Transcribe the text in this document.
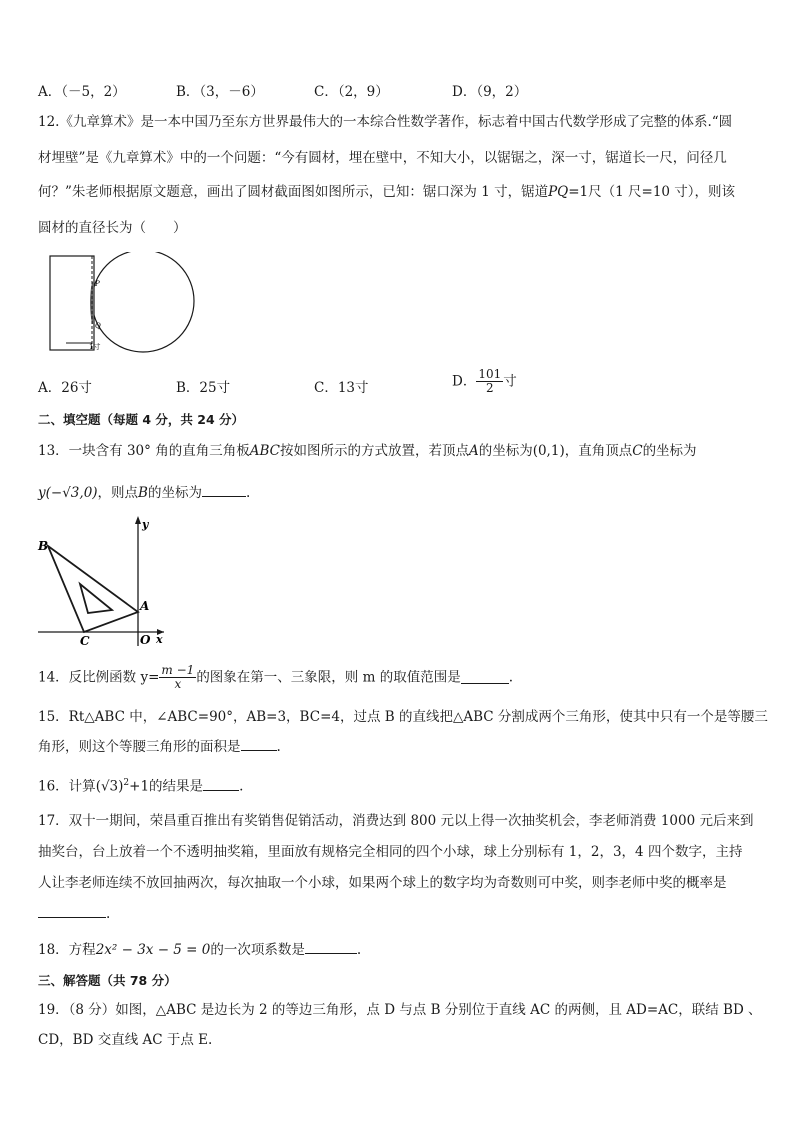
A．（－5，2）	B．（3，－6）	C．（2，9）	D．（9，2）
12.《九章算术》是一本中国乃至东方世界最伟大的一本综合性数学著作，标志着中国古代数学形成了完整的体系.“圆
材埋壁”是《九章算术》中的一个问题：“今有圆材，埋在壁中，不知大小，以锯锯之，深一寸，锯道长一尺，问径几
何？”朱老师根据原文题意，画出了圆材截面图如图所示，已知：锯口深为 1 寸，锯道PQ=1尺（1 尺=10 寸），则该
圆材的直径长为（　　）
P
Q
1寸
A．26寸	B．25寸	C．13寸	D． $\frac{101}{2}$ 寸
二、填空题（每题 4 分，共 24 分）
13．一块含有 30° 角的直角三角板ABC按如图所示的方式放置，若顶点A的坐标为(0,1)，直角顶点C的坐标为
y(−√3,0)，则点B的坐标为	.
B
A
C	O x
y
14．反比例函数 $y= \frac{m -1}{x}$ 的图象在第一、三象限，则 m 的取值范围是	.
15．Rt△ABC 中，∠ABC=90°，AB=3，BC=4，过点 B 的直线把△ABC 分割成两个三角形，使其中只有一个是等腰三
角形，则这个等腰三角形的面积是	.
16．计算$(√3)^2+1$的结果是	.
17．双十一期间，荣昌重百推出有奖销售促销活动，消费达到 800 元以上得一次抽奖机会，李老师消费 1000 元后来到
抽奖台，台上放着一个不透明抽奖箱，里面放有规格完全相同的四个小球，球上分别标有 1，2，3，4 四个数字，主持
人让李老师连续不放回抽两次，每次抽取一个小球，如果两个球上的数字均为奇数则可中奖，则李老师中奖的概率是
.
18．方程2x² − 3x − 5 = 0的一次项系数是	.
三、解答题（共 78 分）
19．（8 分）如图，△ABC 是边长为 2 的等边三角形，点 D 与点 B 分别位于直线 AC 的两侧，且 AD=AC，联结 BD 、
CD，BD 交直线 AC 于点 E.
